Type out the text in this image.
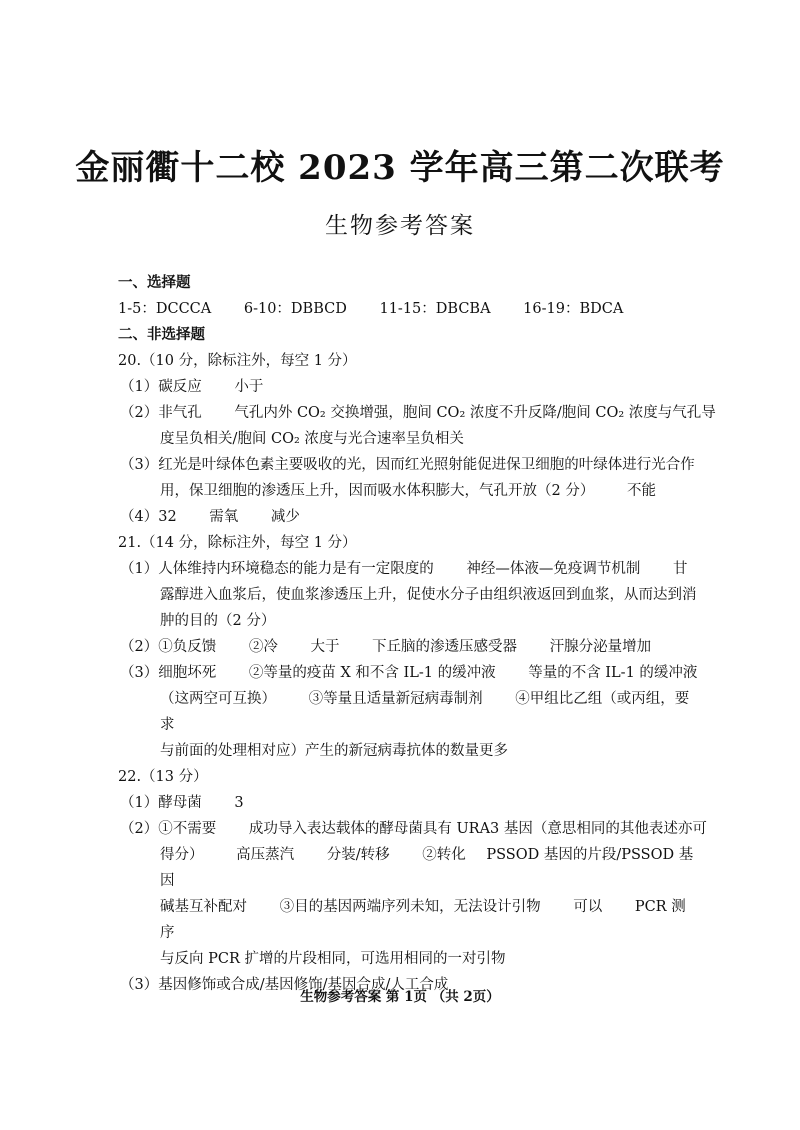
金丽衢十二校 2023 学年高三第二次联考
生物参考答案
一、选择题
1-5：DCCCA 6-10：DBBCD 11-15：DBCBA 16-19：BDCA
二、非选择题
20.（10 分，除标注外，每空 1 分）
（1）碳反应 小于
（2）非气孔 气孔内外 CO₂ 交换增强，胞间 CO₂ 浓度不升反降/胞间 CO₂ 浓度与气孔导
度呈负相关/胞间 CO₂ 浓度与光合速率呈负相关
（3）红光是叶绿体色素主要吸收的光，因而红光照射能促进保卫细胞的叶绿体进行光合作
用，保卫细胞的渗透压上升，因而吸水体积膨大，气孔开放（2 分） 不能
（4）32 需氧 减少
21.（14 分，除标注外，每空 1 分）
（1）人体维持内环境稳态的能力是有一定限度的 神经—体液—免疫调节机制 甘
露醇进入血浆后，使血浆渗透压上升，促使水分子由组织液返回到血浆，从而达到消
肿的目的（2 分）
（2）①负反馈 ②冷 大于 下丘脑的渗透压感受器 汗腺分泌量增加
（3）细胞坏死 ②等量的疫苗 X 和不含 IL-1 的缓冲液 等量的不含 IL-1 的缓冲液
（这两空可互换） ③等量且适量新冠病毒制剂 ④甲组比乙组（或丙组，要求
与前面的处理相对应）产生的新冠病毒抗体的数量更多
22.（13 分）
（1）酵母菌 3
（2）①不需要 成功导入表达载体的酵母菌具有 URA3 基因（意思相同的其他表述亦可
得分） 高压蒸汽 分装/转移 ②转化 PSSOD 基因的片段/PSSOD 基因
碱基互补配对 ③目的基因两端序列未知，无法设计引物 可以 PCR 测序
与反向 PCR 扩增的片段相同，可选用相同的一对引物
（3）基因修饰或合成/基因修饰/基因合成/人工合成
生物参考答案 第 1页 （共 2页）
